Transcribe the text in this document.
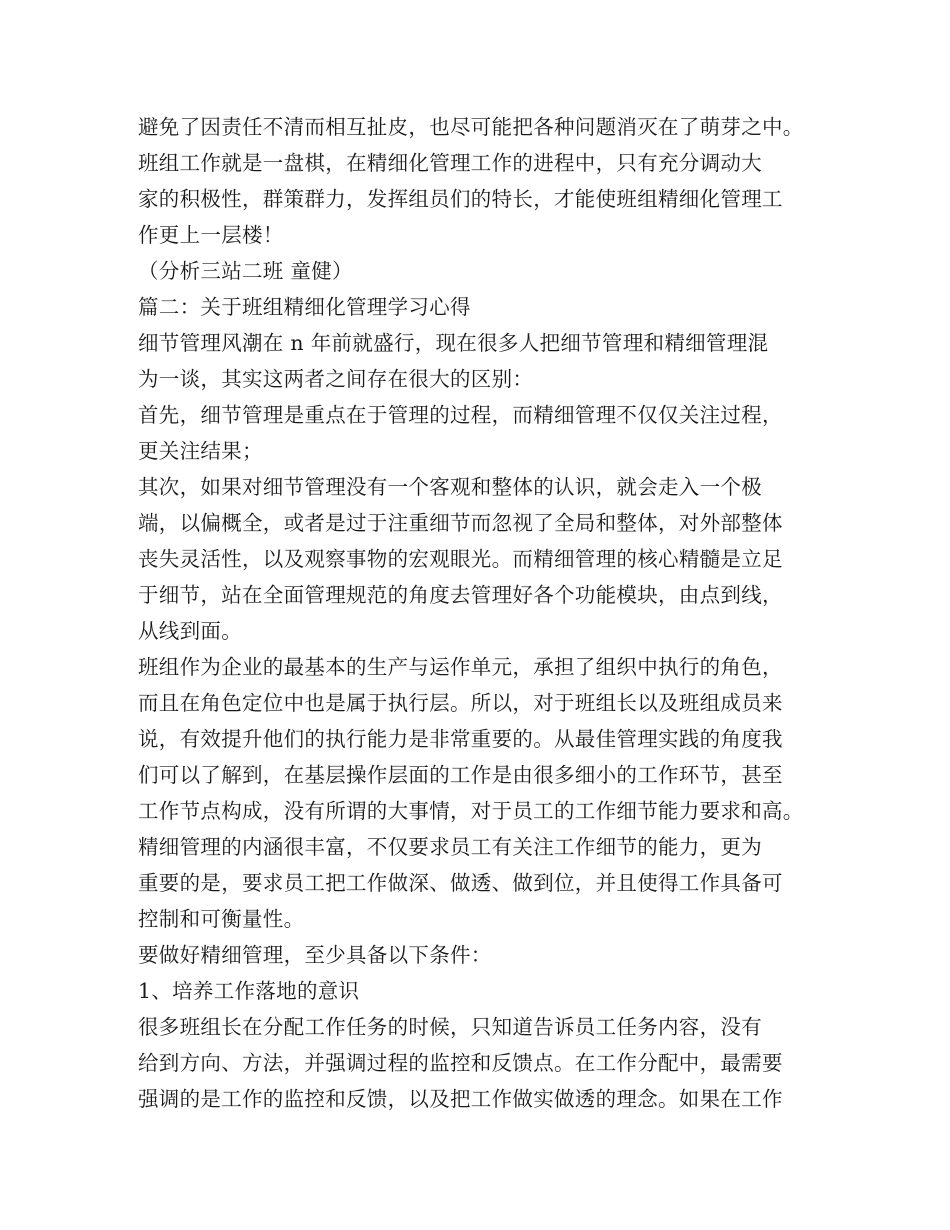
避免了因责任不清而相互扯皮，也尽可能把各种问题消灭在了萌芽之中。
班组工作就是一盘棋，在精细化管理工作的进程中，只有充分调动大
家的积极性，群策群力，发挥组员们的特长，才能使班组精细化管理工
作更上一层楼！
（分析三站二班 童健）
篇二：关于班组精细化管理学习心得
细节管理风潮在 n 年前就盛行，现在很多人把细节管理和精细管理混
为一谈，其实这两者之间存在很大的区别：
首先，细节管理是重点在于管理的过程，而精细管理不仅仅关注过程，
更关注结果；
其次，如果对细节管理没有一个客观和整体的认识，就会走入一个极
端，以偏概全，或者是过于注重细节而忽视了全局和整体，对外部整体
丧失灵活性，以及观察事物的宏观眼光。而精细管理的核心精髓是立足
于细节，站在全面管理规范的角度去管理好各个功能模块，由点到线，
从线到面。
班组作为企业的最基本的生产与运作单元，承担了组织中执行的角色，
而且在角色定位中也是属于执行层。所以，对于班组长以及班组成员来
说，有效提升他们的执行能力是非常重要的。从最佳管理实践的角度我
们可以了解到，在基层操作层面的工作是由很多细小的工作环节，甚至
工作节点构成，没有所谓的大事情，对于员工的工作细节能力要求和高。
精细管理的内涵很丰富，不仅要求员工有关注工作细节的能力，更为
重要的是，要求员工把工作做深、做透、做到位，并且使得工作具备可
控制和可衡量性。
要做好精细管理，至少具备以下条件：
1、培养工作落地的意识
很多班组长在分配工作任务的时候，只知道告诉员工任务内容，没有
给到方向、方法，并强调过程的监控和反馈点。在工作分配中，最需要
强调的是工作的监控和反馈，以及把工作做实做透的理念。如果在工作
